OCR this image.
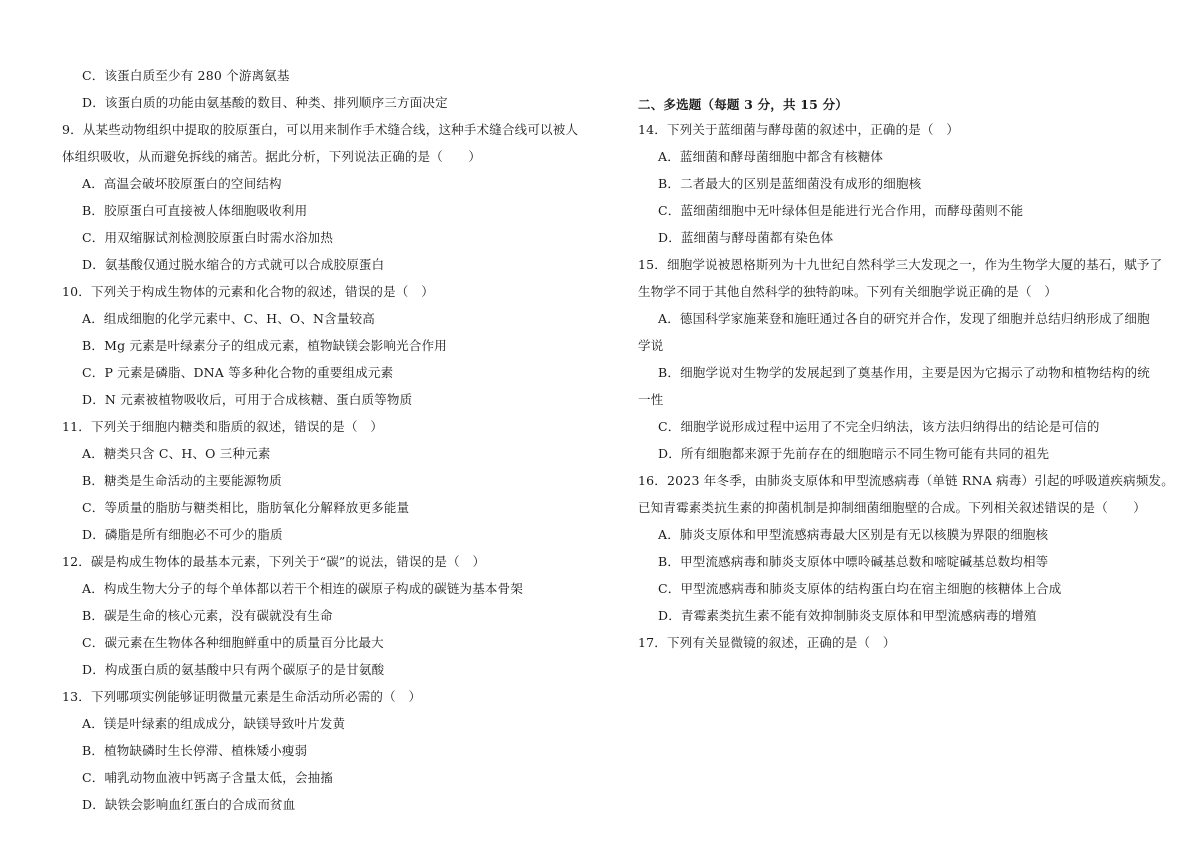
C．该蛋白质至少有 280 个游离氨基
D．该蛋白质的功能由氨基酸的数目、种类、排列顺序三方面决定
9．从某些动物组织中提取的胶原蛋白，可以用来制作手术缝合线，这种手术缝合线可以被人
体组织吸收，从而避免拆线的痛苦。据此分析，下列说法正确的是（　　）
A．高温会破坏胶原蛋白的空间结构
B．胶原蛋白可直接被人体细胞吸收利用
C．用双缩脲试剂检测胶原蛋白时需水浴加热
D．氨基酸仅通过脱水缩合的方式就可以合成胶原蛋白
10．下列关于构成生物体的元素和化合物的叙述，错误的是（　）
A．组成细胞的化学元素中、C、H、O、N含量较高
B．Mg 元素是叶绿素分子的组成元素，植物缺镁会影响光合作用
C．P 元素是磷脂、DNA 等多种化合物的重要组成元素
D．N 元素被植物吸收后，可用于合成核糖、蛋白质等物质
11．下列关于细胞内糖类和脂质的叙述，错误的是（　）
A．糖类只含 C、H、O 三种元素
B．糖类是生命活动的主要能源物质
C．等质量的脂肪与糖类相比，脂肪氧化分解释放更多能量
D．磷脂是所有细胞必不可少的脂质
12．碳是构成生物体的最基本元素，下列关于“碳”的说法，错误的是（　）
A．构成生物大分子的每个单体都以若干个相连的碳原子构成的碳链为基本骨架
B．碳是生命的核心元素，没有碳就没有生命
C．碳元素在生物体各种细胞鲜重中的质量百分比最大
D．构成蛋白质的氨基酸中只有两个碳原子的是甘氨酸
13．下列哪项实例能够证明微量元素是生命活动所必需的（　）
A．镁是叶绿素的组成成分，缺镁导致叶片发黄
B．植物缺磷时生长停滞、植株矮小瘦弱
C．哺乳动物血液中钙离子含量太低，会抽搐
D．缺铁会影响血红蛋白的合成而贫血
二、多选题（每题 3 分，共 15 分）
14．下列关于蓝细菌与酵母菌的叙述中，正确的是（　）
A．蓝细菌和酵母菌细胞中都含有核糖体
B．二者最大的区别是蓝细菌没有成形的细胞核
C．蓝细菌细胞中无叶绿体但是能进行光合作用，而酵母菌则不能
D．蓝细菌与酵母菌都有染色体
15．细胞学说被恩格斯列为十九世纪自然科学三大发现之一，作为生物学大厦的基石，赋予了
生物学不同于其他自然科学的独特韵味。下列有关细胞学说正确的是（　）
A．德国科学家施莱登和施旺通过各自的研究并合作，发现了细胞并总结归纳形成了细胞
学说
B．细胞学说对生物学的发展起到了奠基作用，主要是因为它揭示了动物和植物结构的统
一性
C．细胞学说形成过程中运用了不完全归纳法，该方法归纳得出的结论是可信的
D．所有细胞都来源于先前存在的细胞暗示不同生物可能有共同的祖先
16．2023 年冬季，由肺炎支原体和甲型流感病毒（单链 RNA 病毒）引起的呼吸道疾病频发。
已知青霉素类抗生素的抑菌机制是抑制细菌细胞壁的合成。下列相关叙述错误的是（　　）
A．肺炎支原体和甲型流感病毒最大区别是有无以核膜为界限的细胞核
B．甲型流感病毒和肺炎支原体中嘌呤碱基总数和嘧啶碱基总数均相等
C．甲型流感病毒和肺炎支原体的结构蛋白均在宿主细胞的核糖体上合成
D．青霉素类抗生素不能有效抑制肺炎支原体和甲型流感病毒的增殖
17．下列有关显微镜的叙述，正确的是（　）
